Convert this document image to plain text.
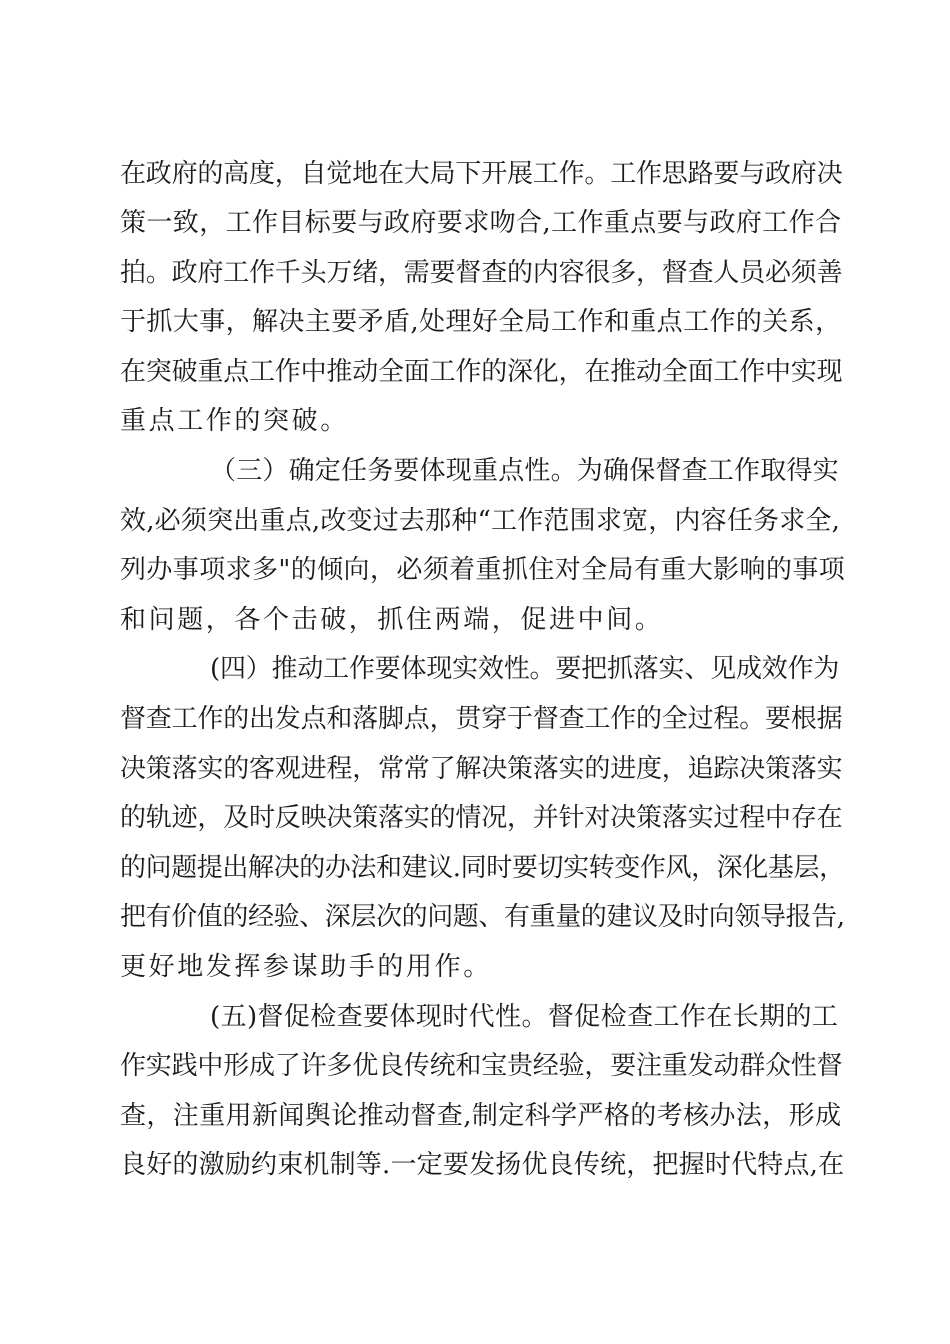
在政府的高度，自觉地在大局下开展工作。工作思路要与政府决
策一致，工作目标要与政府要求吻合,工作重点要与政府工作合
拍。政府工作千头万绪，需要督查的内容很多，督查人员必须善
于抓大事，解决主要矛盾,处理好全局工作和重点工作的关系，
在突破重点工作中推动全面工作的深化，在推动全面工作中实现
重点工作的突破。
（三）确定任务要体现重点性。为确保督查工作取得实
效,必须突出重点,改变过去那种“工作范围求宽，内容任务求全,
列办事项求多"的倾向，必须着重抓住对全局有重大影响的事项
和问题，各个击破，抓住两端，促进中间。
(四）推动工作要体现实效性。要把抓落实、见成效作为
督查工作的出发点和落脚点，贯穿于督查工作的全过程。要根据
决策落实的客观进程，常常了解决策落实的进度，追踪决策落实
的轨迹，及时反映决策落实的情况，并针对决策落实过程中存在
的问题提出解决的办法和建议.同时要切实转变作风，深化基层，
把有价值的经验、深层次的问题、有重量的建议及时向领导报告,
更好地发挥参谋助手的用作。
(五)督促检查要体现时代性。督促检查工作在长期的工
作实践中形成了许多优良传统和宝贵经验，要注重发动群众性督
查，注重用新闻舆论推动督查,制定科学严格的考核办法，形成
良好的激励约束机制等.一定要发扬优良传统，把握时代特点,在
